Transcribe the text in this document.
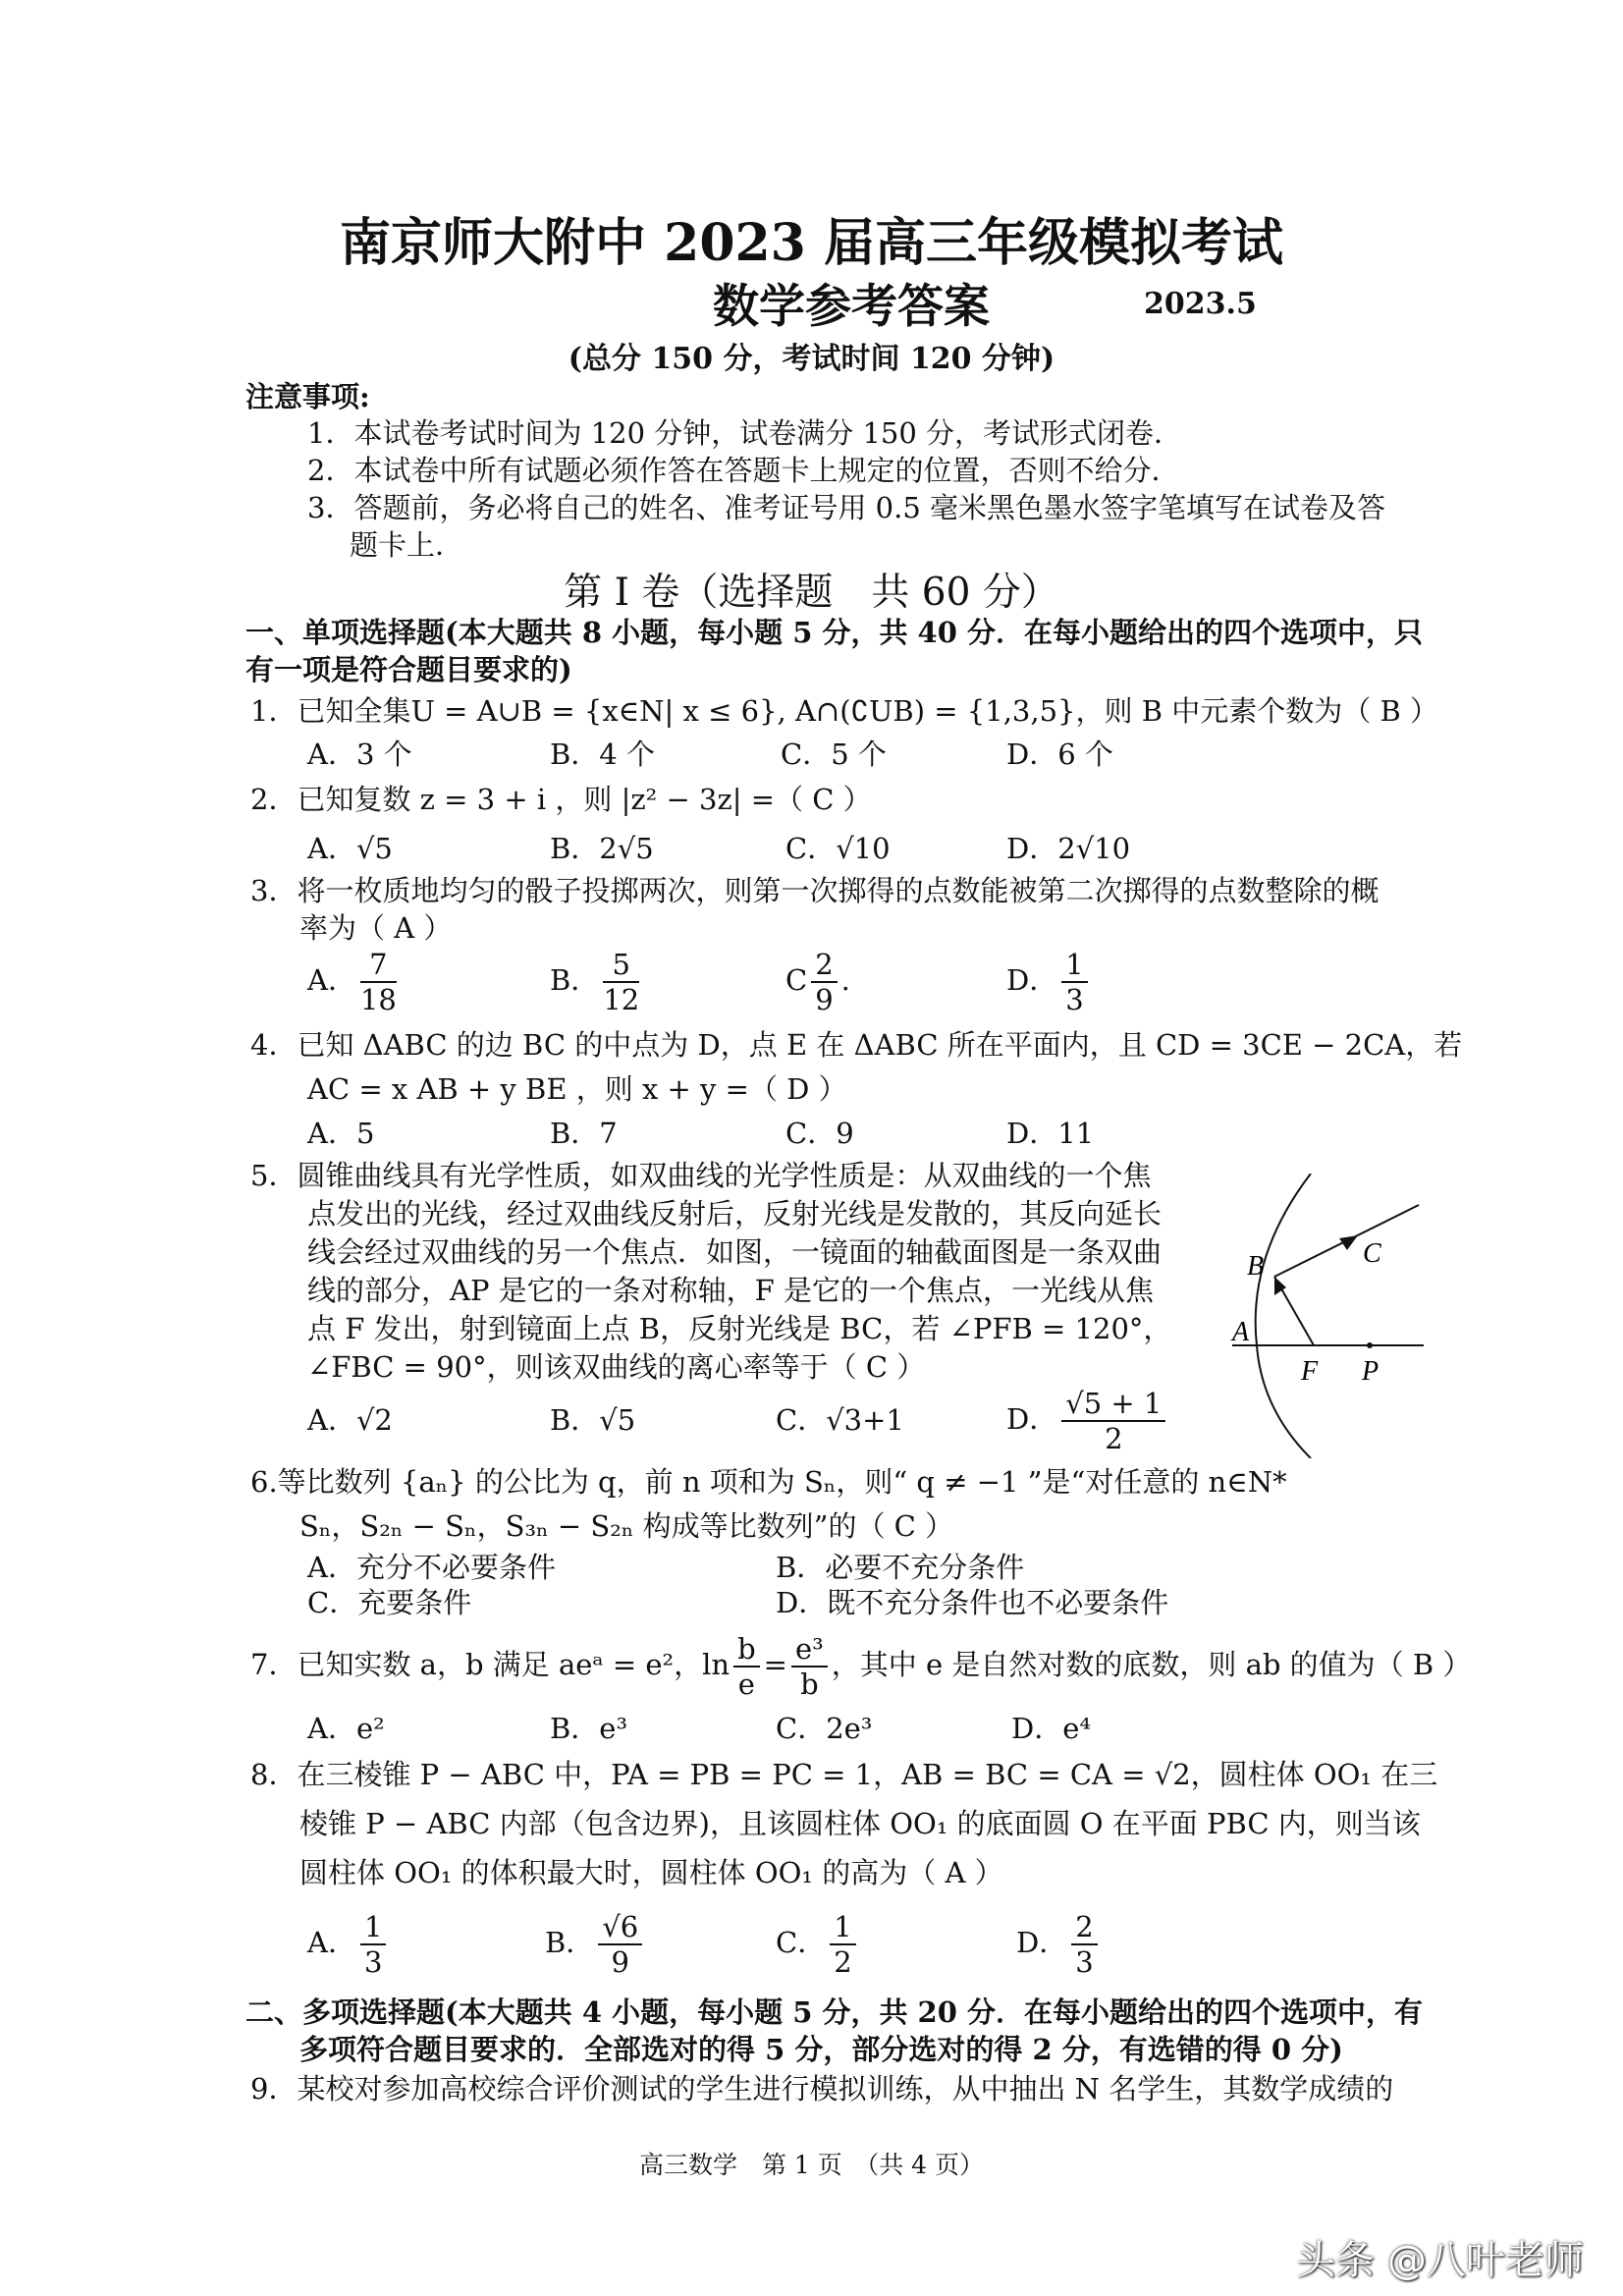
南京师大附中 2023 届高三年级模拟考试
数学参考答案	2023.5
(总分 150 分，考试时间 120 分钟)
注意事项:
1．本试卷考试时间为 120 分钟，试卷满分 150 分，考试形式闭卷．
2．本试卷中所有试题必须作答在答题卡上规定的位置，否则不给分．
3．答题前，务必将自己的姓名、准考证号用 0.5 毫米黑色墨水签字笔填写在试卷及答
题卡上．
第 I 卷（选择题　共 60 分）
一、单项选择题(本大题共 8 小题，每小题 5 分，共 40 分．在每小题给出的四个选项中，只
有一项是符合题目要求的)
1．已知全集U = A∪B = {x∈N| x ≤ 6}, A∩(∁UB) = {1,3,5}，则 B 中元素个数为（ B ）
A．3 个	B．4 个	C．5 个	D．6 个
2．已知复数 z = 3 + i ，则 |z² − 3z| =（ C ）
A．√5	B．2√5	C．√10	D．2√10
3．将一枚质地均匀的骰子投掷两次，则第一次掷得的点数能被第二次掷得的点数整除的概
率为（ A ）
A． $\frac{7}{18}$	B． $\frac{5}{12}$	C $\frac{2}{9}$ .	D． $\frac{1}{3}$
4．已知 ΔABC 的边 BC 的中点为 D，点 E 在 ΔABC 所在平面内，且 CD = 3CE − 2CA，若
AC = x AB + y BE ，则 x + y =（ D ）
A．5	B．7	C．9	D．11
5．圆锥曲线具有光学性质，如双曲线的光学性质是：从双曲线的一个焦
点发出的光线，经过双曲线反射后，反射光线是发散的，其反向延长
线会经过双曲线的另一个焦点．如图，一镜面的轴截面图是一条双曲
线的部分，AP 是它的一条对称轴，F 是它的一个焦点，一光线从焦
点 F 发出，射到镜面上点 B，反射光线是 BC，若 ∠PFB = 120°，
∠FBC = 90°，则该双曲线的离心率等于（ C ）
A．√2	B．√5	C．√3+1	D． $\frac{√5 + 1}{2}$
B	C
A
F P
6.等比数列 {aₙ} 的公比为 q，前 n 项和为 Sₙ，则“ q ≠ −1 ”是“对任意的 n∈N*
Sₙ，S₂ₙ − Sₙ，S₃ₙ − S₂ₙ 构成等比数列”的（ C ）
A．充分不必要条件	B．必要不充分条件
C．充要条件	D．既不充分条件也不必要条件
7．已知实数 a，b 满足 aeᵃ = e²，$\ln \frac{b}{e} = \frac{\text{e³}}{b}$ ，其中 e 是自然对数的底数，则 ab 的值为（ B ）
A．e²	B．e³	C．2e³	D．e⁴
8．在三棱锥 P − ABC 中，PA = PB = PC = 1，AB = BC = CA = √2，圆柱体 OO₁ 在三
棱锥 P − ABC 内部（包含边界)，且该圆柱体 OO₁ 的底面圆 O 在平面 PBC 内，则当该
圆柱体 OO₁ 的体积最大时，圆柱体 OO₁ 的高为（ A ）
A． $\frac{1}{3}$	B． $\frac{√6}{9}$	C． $\frac{1}{2}$	D． $\frac{2}{3}$
二、多项选择题(本大题共 4 小题，每小题 5 分，共 20 分．在每小题给出的四个选项中，有
多项符合题目要求的．全部选对的得 5 分，部分选对的得 2 分，有选错的得 0 分)
9．某校对参加高校综合评价测试的学生进行模拟训练，从中抽出 N 名学生，其数学成绩的
高三数学　第 1 页　（共 4 页）
头条 @八叶老师
